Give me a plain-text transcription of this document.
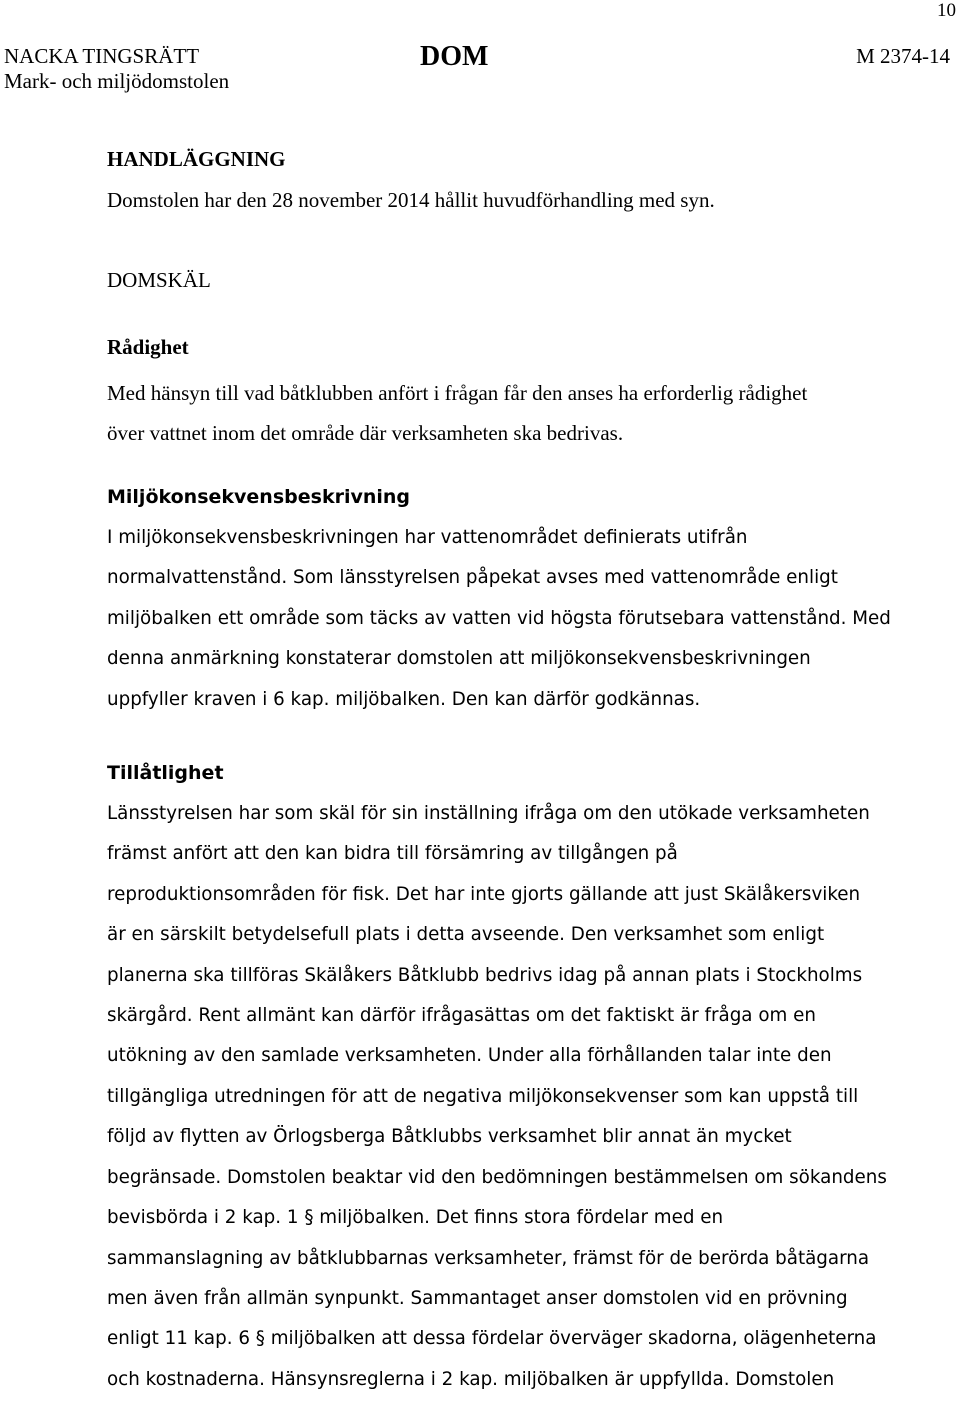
10
NACKA TINGSRÄTT
Mark- och miljödomstolen
DOM	M 2374-14

HANDLÄGGNING

Domstolen har den 28 november 2014 hållit huvudförhandling med syn.

DOMSKÄL

Rådighet

Med hänsyn till vad båtklubben anfört i frågan får den anses ha erforderlig rådighet
över vattnet inom det område där verksamheten ska bedrivas.

Miljökonsekvensbeskrivning

I miljökonsekvensbeskrivningen har vattenområdet definierats utifrån
normalvattenstånd. Som länsstyrelsen påpekat avses med vattenområde enligt
miljöbalken ett område som täcks av vatten vid högsta förutsebara vattenstånd. Med
denna anmärkning konstaterar domstolen att miljökonsekvensbeskrivningen
uppfyller kraven i 6 kap. miljöbalken. Den kan därför godkännas.

Tillåtlighet

Länsstyrelsen har som skäl för sin inställning ifråga om den utökade verksamheten
främst anfört att den kan bidra till försämring av tillgången på
reproduktionsområden för fisk. Det har inte gjorts gällande att just Skälåkersviken
är en särskilt betydelsefull plats i detta avseende. Den verksamhet som enligt
planerna ska tillföras Skälåkers Båtklubb bedrivs idag på annan plats i Stockholms
skärgård. Rent allmänt kan därför ifrågasättas om det faktiskt är fråga om en
utökning av den samlade verksamheten. Under alla förhållanden talar inte den
tillgängliga utredningen för att de negativa miljökonsekvenser som kan uppstå till
följd av flytten av Örlogsberga Båtklubbs verksamhet blir annat än mycket
begränsade. Domstolen beaktar vid den bedömningen bestämmelsen om sökandens
bevisbörda i 2 kap. 1 § miljöbalken. Det finns stora fördelar med en
sammanslagning av båtklubbarnas verksamheter, främst för de berörda båtägarna
men även från allmän synpunkt. Sammantaget anser domstolen vid en prövning
enligt 11 kap. 6 § miljöbalken att dessa fördelar överväger skadorna, olägenheterna
och kostnaderna. Hänsynsreglerna i 2 kap. miljöbalken är uppfyllda. Domstolen
